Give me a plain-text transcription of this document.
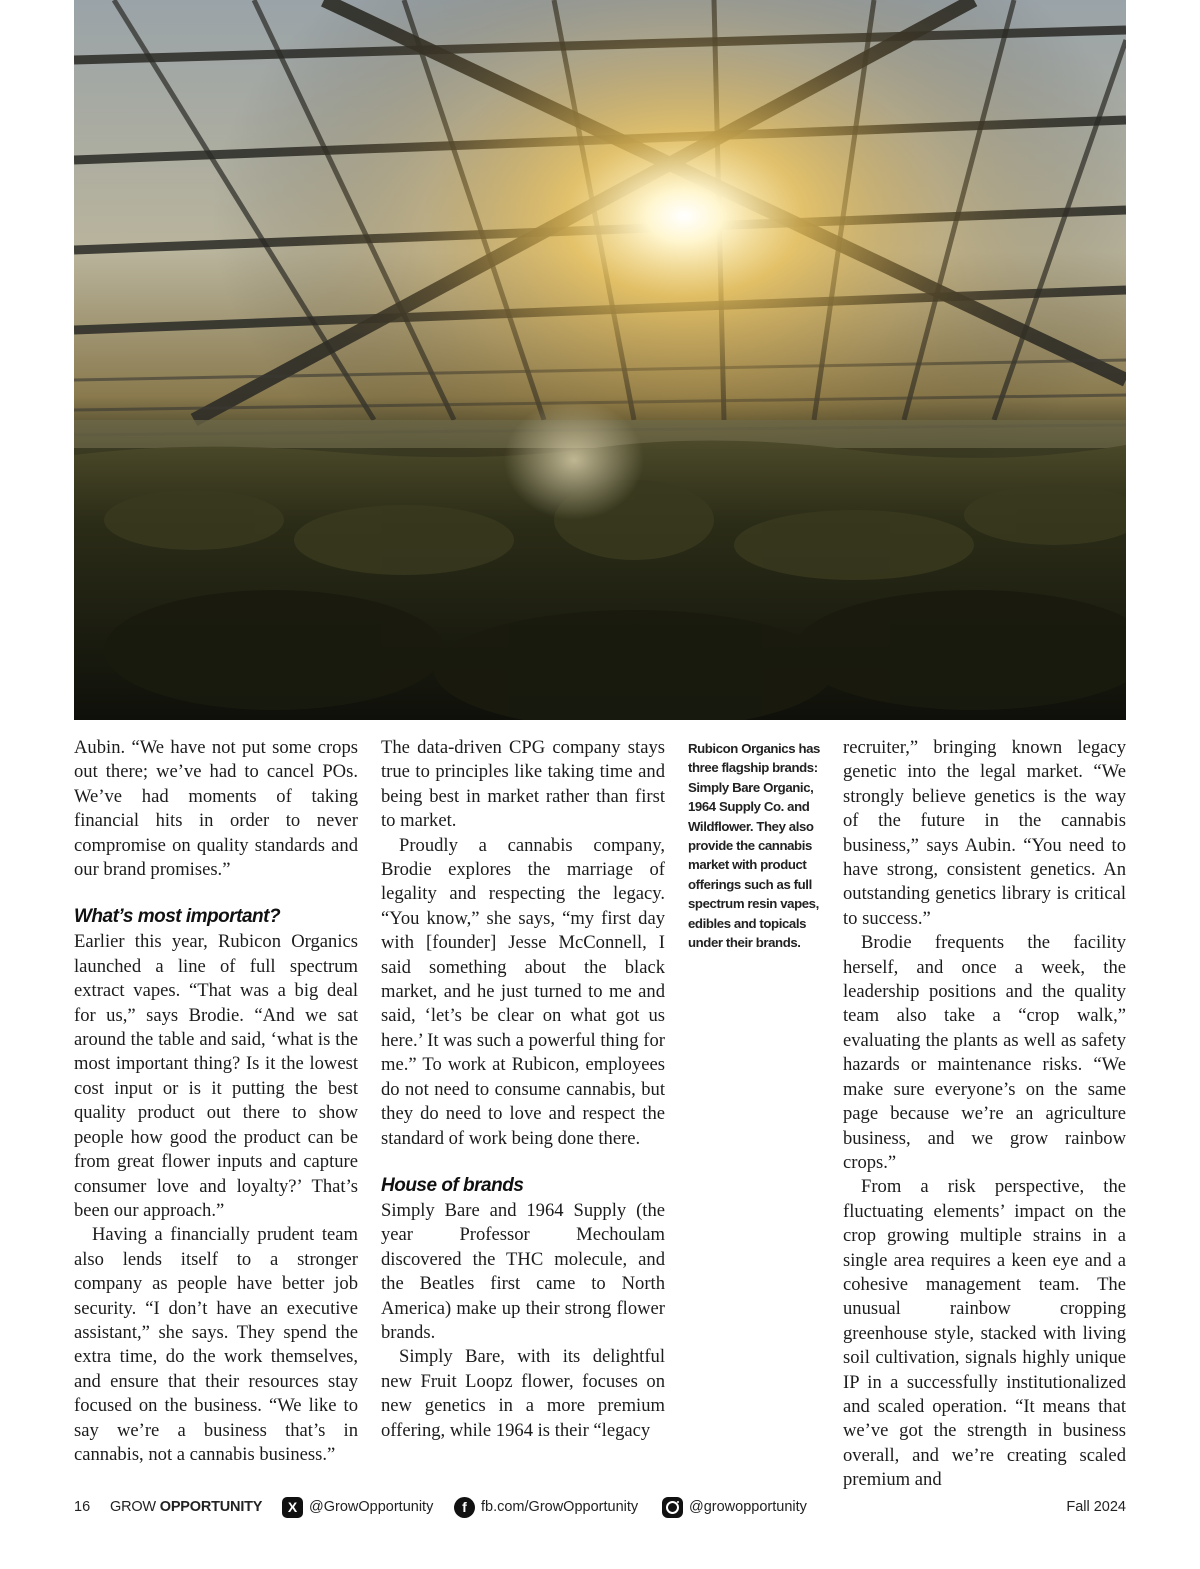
Aubin. “We have not put some crops out there; we’ve had to cancel POs. We’ve had moments of taking financial hits in order to never compromise on quality standards and our brand promises.”

What’s most important?

Earlier this year, Rubicon Organics launched a line of full spectrum extract vapes. “That was a big deal for us,” says Brodie. “And we sat around the table and said, ‘what is the most important thing? Is it the lowest cost input or is it putting the best quality product out there to show people how good the product can be from great flower inputs and capture consumer love and loyalty?’ That’s been our approach.”

Having a financially prudent team also lends itself to a stronger company as people have better job security. “I don’t have an executive assistant,” she says. They spend the extra time, do the work themselves, and ensure that their resources stay focused on the business. “We like to say we’re a business that’s in cannabis, not a cannabis business.”

The data-driven CPG company stays true to principles like taking time and being best in market rather than first to market.

Proudly a cannabis company, Brodie explores the marriage of legality and respecting the legacy. “You know,” she says, “my first day with [founder] Jesse McConnell, I said something about the black market, and he just turned to me and said, ‘let’s be clear on what got us here.’ It was such a powerful thing for me.” To work at Rubicon, employees do not need to consume cannabis, but they do need to love and respect the standard of work being done there.

House of brands

Simply Bare and 1964 Supply (the year Professor Mechoulam discovered the THC molecule, and the Beatles first came to North America) make up their strong flower brands.

Simply Bare, with its delightful new Fruit Loopz flower, focuses on new genetics in a more premium offering, while 1964 is their “legacy

Rubicon Organics has three flagship brands: Simply Bare Organic, 1964 Supply Co. and Wildflower. They also provide the cannabis market with product offerings such as full spectrum resin vapes, edibles and topicals under their brands.

recruiter,” bringing known legacy genetic into the legal market. “We strongly believe genetics is the way of the future in the cannabis business,” says Aubin. “You need to have strong, consistent genetics. An outstanding genetics library is critical to success.”

Brodie frequents the facility herself, and once a week, the leadership positions and the quality team also take a “crop walk,” evaluating the plants as well as safety hazards or maintenance risks. “We make sure everyone’s on the same page because we’re an agriculture business, and we grow rainbow crops.”

From a risk perspective, the fluctuating elements’ impact on the crop growing multiple strains in a single area requires a keen eye and a cohesive management team. The unusual rainbow cropping greenhouse style, stacked with living soil cultivation, signals highly unique IP in a successfully institutionalized and scaled operation. “It means that we’ve got the strength in business overall, and we’re creating scaled premium and

16 GROW OPPORTUNITY	X @GrowOpportunity	f fb.com/GrowOpportunity	@growopportunity	Fall 2024
